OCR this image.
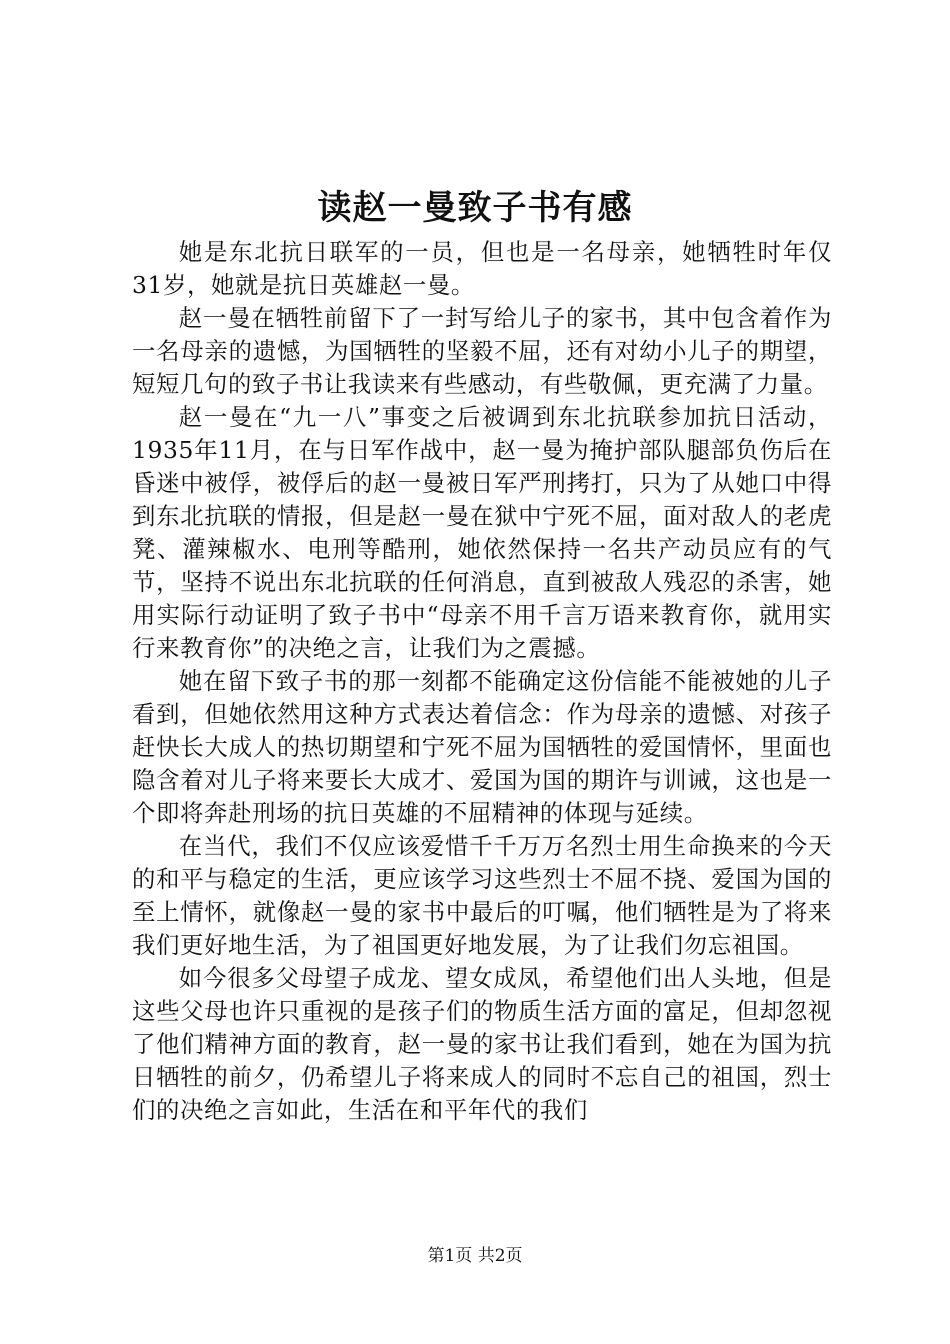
读赵一曼致子书有感

她是东北抗日联军的一员，但也是一名母亲，她牺牲时年仅31岁，她就是抗日英雄赵一曼。

赵一曼在牺牲前留下了一封写给儿子的家书，其中包含着作为一名母亲的遗憾，为国牺牲的坚毅不屈，还有对幼小儿子的期望，短短几句的致子书让我读来有些感动，有些敬佩，更充满了力量。

赵一曼在“九一八”事变之后被调到东北抗联参加抗日活动，1935年11月，在与日军作战中，赵一曼为掩护部队腿部负伤后在昏迷中被俘，被俘后的赵一曼被日军严刑拷打，只为了从她口中得到东北抗联的情报，但是赵一曼在狱中宁死不屈，面对敌人的老虎凳、灌辣椒水、电刑等酷刑，她依然保持一名共产动员应有的气节，坚持不说出东北抗联的任何消息，直到被敌人残忍的杀害，她用实际行动证明了致子书中“母亲不用千言万语来教育你，就用实行来教育你”的决绝之言，让我们为之震撼。

她在留下致子书的那一刻都不能确定这份信能不能被她的儿子看到，但她依然用这种方式表达着信念：作为母亲的遗憾、对孩子赶快长大成人的热切期望和宁死不屈为国牺牲的爱国情怀，里面也隐含着对儿子将来要长大成才、爱国为国的期许与训诫，这也是一个即将奔赴刑场的抗日英雄的不屈精神的体现与延续。

在当代，我们不仅应该爱惜千千万万名烈士用生命换来的今天的和平与稳定的生活，更应该学习这些烈士不屈不挠、爱国为国的至上情怀，就像赵一曼的家书中最后的叮嘱，他们牺牲是为了将来我们更好地生活，为了祖国更好地发展，为了让我们勿忘祖国。

如今很多父母望子成龙、望女成凤，希望他们出人头地，但是这些父母也许只重视的是孩子们的物质生活方面的富足，但却忽视了他们精神方面的教育，赵一曼的家书让我们看到，她在为国为抗日牺牲的前夕，仍希望儿子将来成人的同时不忘自己的祖国，烈士们的决绝之言如此，生活在和平年代的我们

第1页 共2页
